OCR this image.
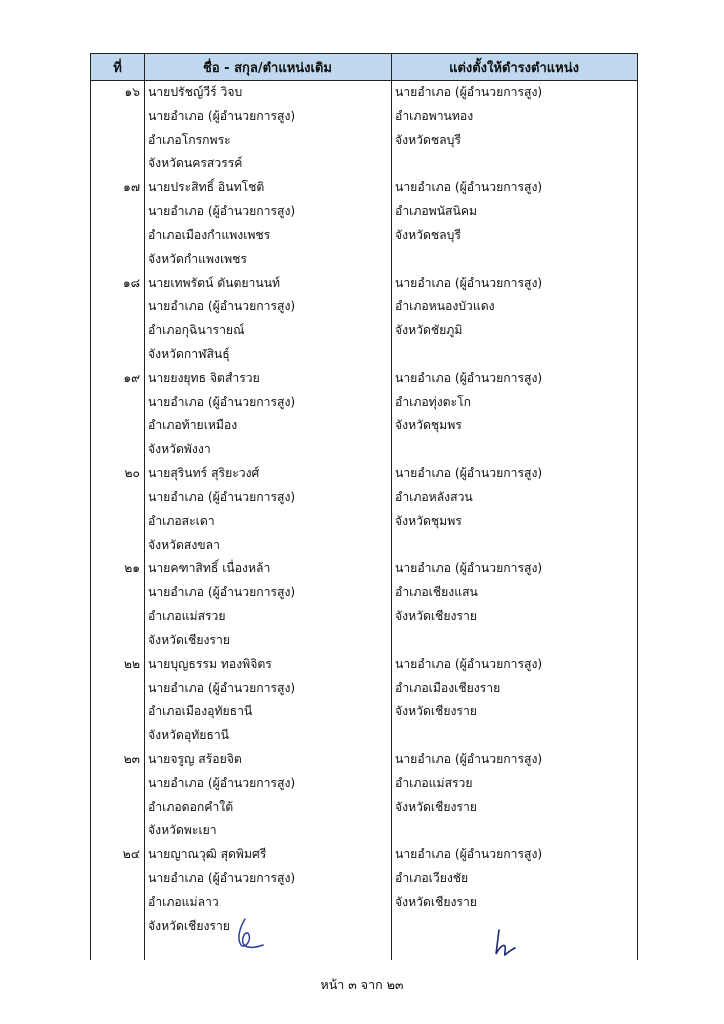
ที่	ชื่อ - สกุล/ตำแหน่งเดิม	แต่งตั้งให้ดำรงตำแหน่ง
๑๖ นายปรัชญ์วีร์ วิจบ
นายอำเภอ (ผู้อำนวยการสูง)
อำเภอโกรกพระ
จังหวัดนครสวรรค์
นายอำเภอ (ผู้อำนวยการสูง)
อำเภอพานทอง
จังหวัดชลบุรี
๑๗ นายประสิทธิ์ อินทโชติ
นายอำเภอ (ผู้อำนวยการสูง)
อำเภอเมืองกำแพงเพชร
จังหวัดกำแพงเพชร
นายอำเภอ (ผู้อำนวยการสูง)
อำเภอพนัสนิคม
จังหวัดชลบุรี
๑๘ นายเทพรัตน์ ตันตยานนท์
นายอำเภอ (ผู้อำนวยการสูง)
อำเภอกุฉินารายณ์
จังหวัดกาฬสินธุ์
นายอำเภอ (ผู้อำนวยการสูง)
อำเภอหนองบัวแดง
จังหวัดชัยภูมิ
๑๙ นายยงยุทธ จิตสำรวย
นายอำเภอ (ผู้อำนวยการสูง)
อำเภอท้ายเหมือง
จังหวัดพังงา
นายอำเภอ (ผู้อำนวยการสูง)
อำเภอทุ่งตะโก
จังหวัดชุมพร
๒๐ นายสุรินทร์ สุริยะวงศ์
นายอำเภอ (ผู้อำนวยการสูง)
อำเภอสะเดา
จังหวัดสงขลา
นายอำเภอ (ผู้อำนวยการสูง)
อำเภอหลังสวน
จังหวัดชุมพร
๒๑ นายคฑาสิทธิ์ เนื่องหล้า
นายอำเภอ (ผู้อำนวยการสูง)
อำเภอแม่สรวย
จังหวัดเชียงราย
นายอำเภอ (ผู้อำนวยการสูง)
อำเภอเชียงแสน
จังหวัดเชียงราย
๒๒ นายบุญธรรม ทองพิจิตร
นายอำเภอ (ผู้อำนวยการสูง)
อำเภอเมืองอุทัยธานี
จังหวัดอุทัยธานี
นายอำเภอ (ผู้อำนวยการสูง)
อำเภอเมืองเชียงราย
จังหวัดเชียงราย
๒๓ นายจรูญ สร้อยจิต
นายอำเภอ (ผู้อำนวยการสูง)
อำเภอดอกคำใต้
จังหวัดพะเยา
นายอำเภอ (ผู้อำนวยการสูง)
อำเภอแม่สรวย
จังหวัดเชียงราย
๒๔ นายญาณวุฒิ สุดพิมศรี
นายอำเภอ (ผู้อำนวยการสูง)
อำเภอแม่ลาว
จังหวัดเชียงราย
นายอำเภอ (ผู้อำนวยการสูง)
อำเภอเวียงชัย
จังหวัดเชียงราย
หน้า ๓ จาก ๒๓
